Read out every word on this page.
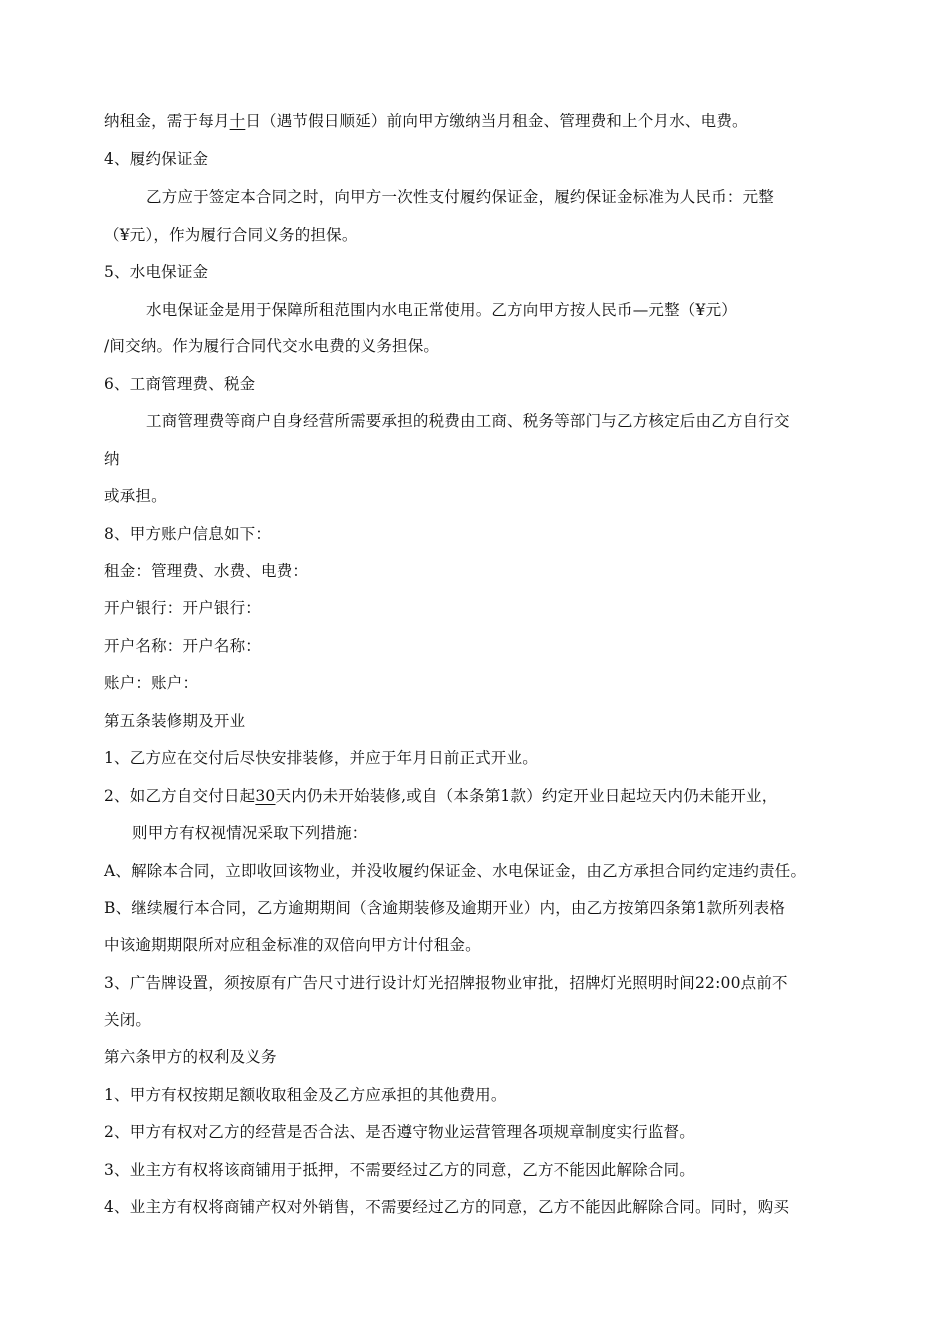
纳租金，需于每月十日（遇节假日顺延）前向甲方缴纳当月租金、管理费和上个月水、电费。
4、履约保证金
乙方应于签定本合同之时，向甲方一次性支付履约保证金，履约保证金标准为人民币：元整
（¥元），作为履行合同义务的担保。
5、水电保证金
水电保证金是用于保障所租范围内水电正常使用。乙方向甲方按人民币—元整（¥元）
/间交纳。作为履行合同代交水电费的义务担保。
6、工商管理费、税金
工商管理费等商户自身经营所需要承担的税费由工商、税务等部门与乙方核定后由乙方自行交
纳
或承担。
8、甲方账户信息如下：
租金：管理费、水费、电费：
开户银行：开户银行：
开户名称：开户名称：
账户：账户：
第五条装修期及开业
1、乙方应在交付后尽快安排装修，并应于年月日前正式开业。
2、如乙方自交付日起30天内仍未开始装修,或自（本条第1款）约定开业日起垃天内仍未能开业，
则甲方有权视情况采取下列措施：
A、解除本合同，立即收回该物业，并没收履约保证金、水电保证金，由乙方承担合同约定违约责任。
B、继续履行本合同，乙方逾期期间（含逾期装修及逾期开业）内，由乙方按第四条第1款所列表格
中该逾期期限所对应租金标准的双倍向甲方计付租金。
3、广告牌设置，须按原有广告尺寸进行设计灯光招牌报物业审批，招牌灯光照明时间22:00点前不
关闭。
第六条甲方的权利及义务
1、甲方有权按期足额收取租金及乙方应承担的其他费用。
2、甲方有权对乙方的经营是否合法、是否遵守物业运营管理各项规章制度实行监督。
3、业主方有权将该商铺用于抵押，不需要经过乙方的同意，乙方不能因此解除合同。
4、业主方有权将商铺产权对外销售，不需要经过乙方的同意，乙方不能因此解除合同。同时，购买
